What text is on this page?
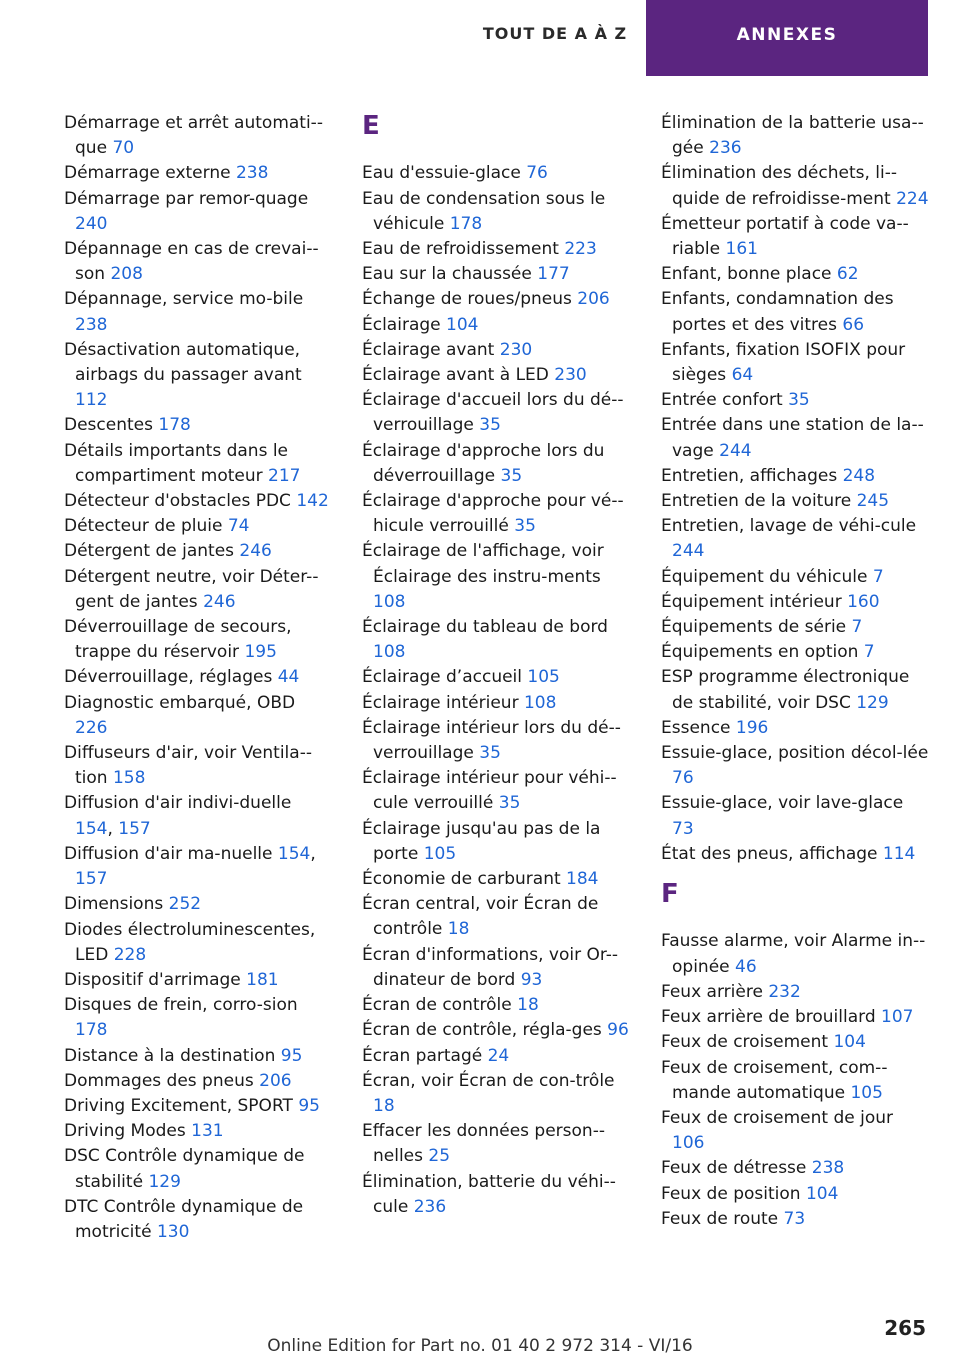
TOUT DE A À Z	ANNEXES
Démarrage et arrêt automati-que 70
Démarrage externe 238
Démarrage par remor-quage 240
Dépannage en cas de crevai-son 208
Dépannage, service mo-bile 238
Désactivation automatique, airbags du passager avant 112
Descentes 178
Détails importants dans le compartiment moteur 217
Détecteur d'obstacles PDC 142
Détecteur de pluie 74
Détergent de jantes 246
Détergent neutre, voir Déter-gent de jantes 246
Déverrouillage de secours, trappe du réservoir 195
Déverrouillage, réglages 44
Diagnostic embarqué, OBD 226
Diffuseurs d'air, voir Ventila-tion 158
Diffusion d'air indivi-duelle 154, 157
Diffusion d'air ma-nuelle 154, 157
Dimensions 252
Diodes électroluminescentes, LED 228
Dispositif d'arrimage 181
Disques de frein, corro-sion 178
Distance à la destination 95
Dommages des pneus 206
Driving Excitement, SPORT 95
Driving Modes 131
DSC Contrôle dynamique de stabilité 129
DTC Contrôle dynamique de motricité 130
E
Eau d'essuie-glace 76
Eau de condensation sous le véhicule 178
Eau de refroidissement 223
Eau sur la chaussée 177
Échange de roues/pneus 206
Éclairage 104
Éclairage avant 230
Éclairage avant à LED 230
Éclairage d'accueil lors du dé-verrouillage 35
Éclairage d'approche lors du déverrouillage 35
Éclairage d'approche pour vé-hicule verrouillé 35
Éclairage de l'affichage, voir Éclairage des instru-ments 108
Éclairage du tableau de bord 108
Éclairage d’accueil 105
Éclairage intérieur 108
Éclairage intérieur lors du dé-verrouillage 35
Éclairage intérieur pour véhi-cule verrouillé 35
Éclairage jusqu'au pas de la porte 105
Économie de carburant 184
Écran central, voir Écran de contrôle 18
Écran d'informations, voir Or-dinateur de bord 93
Écran de contrôle 18
Écran de contrôle, régla-ges 96
Écran partagé 24
Écran, voir Écran de con-trôle 18
Effacer les données person-nelles 25
Élimination, batterie du véhi-cule 236
Élimination de la batterie usa-gée 236
Élimination des déchets, li-quide de refroidisse-ment 224
Émetteur portatif à code va-riable 161
Enfant, bonne place 62
Enfants, condamnation des portes et des vitres 66
Enfants, fixation ISOFIX pour sièges 64
Entrée confort 35
Entrée dans une station de la-vage 244
Entretien, affichages 248
Entretien de la voiture 245
Entretien, lavage de véhi-cule 244
Équipement du véhicule 7
Équipement intérieur 160
Équipements de série 7
Équipements en option 7
ESP programme électronique de stabilité, voir DSC 129
Essence 196
Essuie-glace, position décol-lée 76
Essuie-glace, voir lave-glace 73
État des pneus, affichage 114
F
Fausse alarme, voir Alarme in-opinée 46
Feux arrière 232
Feux arrière de brouillard 107
Feux de croisement 104
Feux de croisement, com-mande automatique 105
Feux de croisement de jour 106
Feux de détresse 238
Feux de position 104
Feux de route 73
265
Online Edition for Part no. 01 40 2 972 314 - VI/16
